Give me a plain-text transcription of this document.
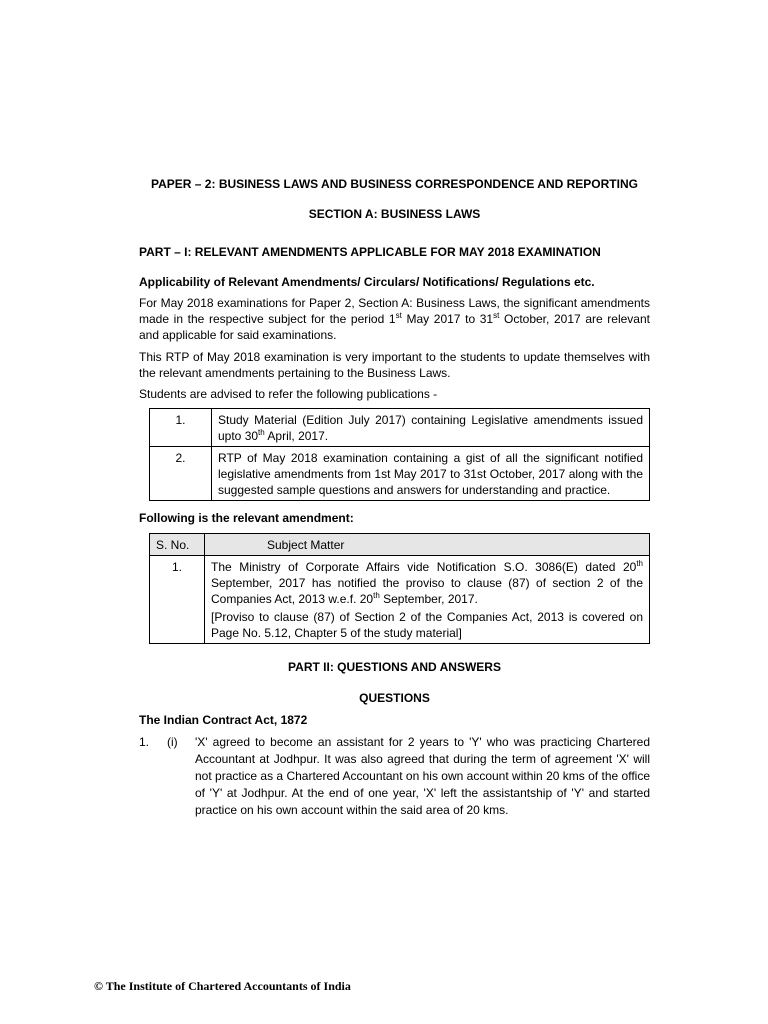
PAPER – 2: BUSINESS LAWS AND BUSINESS CORRESPONDENCE AND REPORTING
SECTION A: BUSINESS LAWS
PART – I: RELEVANT AMENDMENTS APPLICABLE FOR MAY 2018 EXAMINATION
Applicability of Relevant Amendments/ Circulars/ Notifications/ Regulations etc.
For May 2018 examinations for Paper 2, Section A: Business Laws, the significant amendments made in the respective subject for the period 1st May 2017 to 31st October, 2017 are relevant and applicable for said examinations.
This RTP of May 2018 examination is very important to the students to update themselves with the relevant amendments pertaining to the Business Laws.
Students are advised to refer the following publications -
1.	Study Material (Edition July 2017) containing Legislative amendments issued upto 30th April, 2017.
2.	RTP of May 2018 examination containing a gist of all the significant notified legislative amendments from 1st May 2017 to 31st October, 2017 along with the suggested sample questions and answers for understanding and practice.
Following is the relevant amendment:
S. No.	Subject Matter
1.	The Ministry of Corporate Affairs vide Notification S.O. 3086(E) dated 20th September, 2017 has notified the proviso to clause (87) of section 2 of the Companies Act, 2013 w.e.f. 20th September, 2017.

[Proviso to clause (87) of Section 2 of the Companies Act, 2013 is covered on Page No. 5.12, Chapter 5 of the study material]

PART II: QUESTIONS AND ANSWERS
QUESTIONS
The Indian Contract Act, 1872
1. (i) 'X' agreed to become an assistant for 2 years to 'Y' who was practicing Chartered Accountant at Jodhpur. It was also agreed that during the term of agreement 'X' will not practice as a Chartered Accountant on his own account within 20 kms of the office of 'Y' at Jodhpur. At the end of one year, 'X' left the assistantship of 'Y' and started practice on his own account within the said area of 20 kms.
© The Institute of Chartered Accountants of India
